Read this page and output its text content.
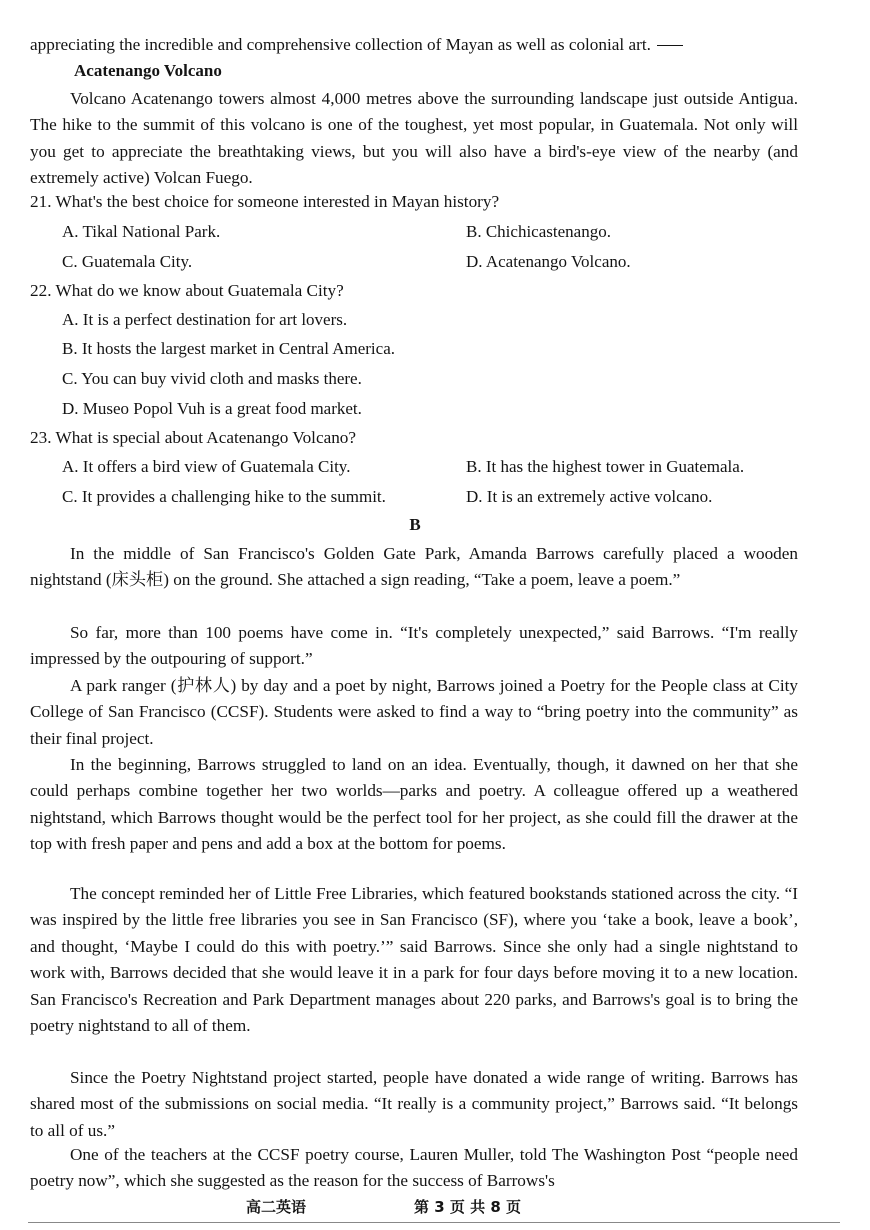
appreciating the incredible and comprehensive collection of Mayan as well as colonial art.
Acatenango Volcano
Volcano Acatenango towers almost 4,000 metres above the surrounding landscape just outside Antigua. The hike to the summit of this volcano is one of the toughest, yet most popular, in Guatemala. Not only will you get to appreciate the breathtaking views, but you will also have a bird's-eye view of the nearby (and extremely active) Volcan Fuego.
21. What's the best choice for someone interested in Mayan history?
A. Tikal National Park.	B. Chichicastenango.
C. Guatemala City.	D. Acatenango Volcano.
22. What do we know about Guatemala City?
A. It is a perfect destination for art lovers.
B. It hosts the largest market in Central America.
C. You can buy vivid cloth and masks there.
D. Museo Popol Vuh is a great food market.
23. What is special about Acatenango Volcano?
A. It offers a bird view of Guatemala City.	B. It has the highest tower in Guatemala.
C. It provides a challenging hike to the summit.	D. It is an extremely active volcano.
B
In the middle of San Francisco's Golden Gate Park, Amanda Barrows carefully placed a wooden nightstand (床头柜) on the ground. She attached a sign reading, “Take a poem, leave a poem.”
So far, more than 100 poems have come in. “It's completely unexpected,” said Barrows. “I'm really impressed by the outpouring of support.”
A park ranger (护林人) by day and a poet by night, Barrows joined a Poetry for the People class at City College of San Francisco (CCSF). Students were asked to find a way to “bring poetry into the community” as their final project.
In the beginning, Barrows struggled to land on an idea. Eventually, though, it dawned on her that she could perhaps combine together her two worlds—parks and poetry. A colleague offered up a weathered nightstand, which Barrows thought would be the perfect tool for her project, as she could fill the drawer at the top with fresh paper and pens and add a box at the bottom for poems.
The concept reminded her of Little Free Libraries, which featured bookstands stationed across the city. “I was inspired by the little free libraries you see in San Francisco (SF), where you ‘take a book, leave a book’, and thought, ‘Maybe I could do this with poetry.’” said Barrows. Since she only had a single nightstand to work with, Barrows decided that she would leave it in a park for four days before moving it to a new location. San Francisco's Recreation and Park Department manages about 220 parks, and Barrows's goal is to bring the poetry nightstand to all of them.
Since the Poetry Nightstand project started, people have donated a wide range of writing. Barrows has shared most of the submissions on social media. “It really is a community project,” Barrows said. “It belongs to all of us.”
One of the teachers at the CCSF poetry course, Lauren Muller, told The Washington Post “people need poetry now”, which she suggested as the reason for the success of Barrows's
高二英语	第 3 页 共 8 页
